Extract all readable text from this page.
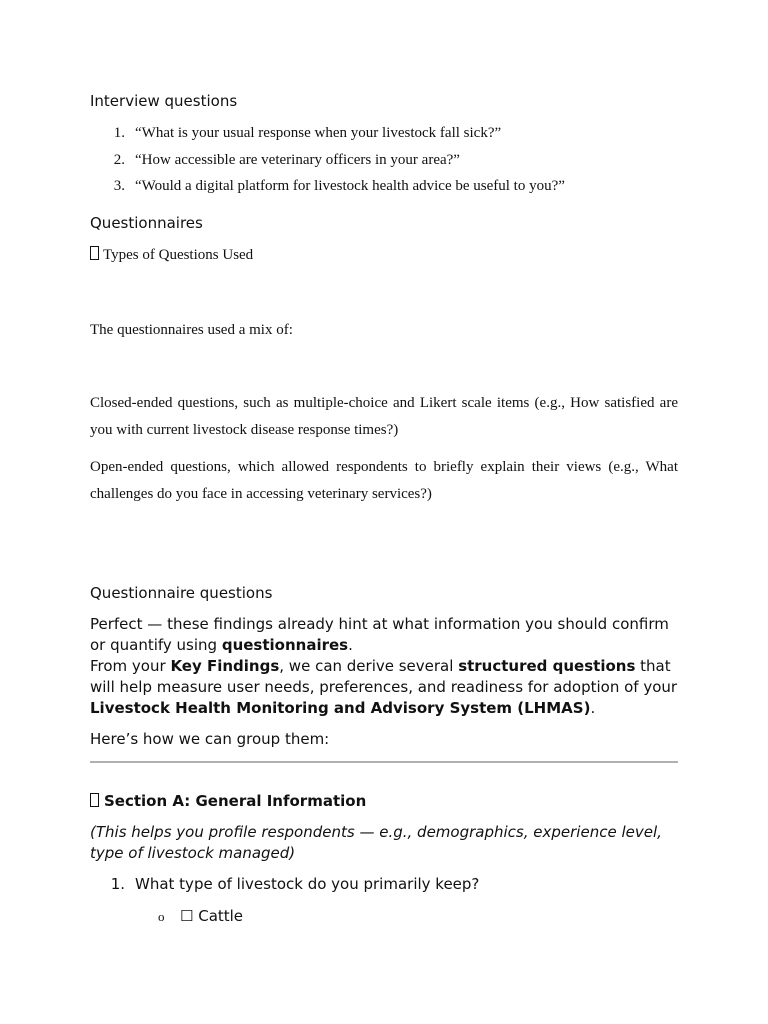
Interview questions

1. “What is your usual response when your livestock fall sick?”
2. “How accessible are veterinary officers in your area?”
3. “Would a digital platform for livestock health advice be useful to you?”

Questionnaires

Types of Questions Used

The questionnaires used a mix of:

Closed-ended questions, such as multiple-choice and Likert scale items (e.g., How satisfied are you with current livestock disease response times?)

Open-ended questions, which allowed respondents to briefly explain their views (e.g., What challenges do you face in accessing veterinary services?)

Questionnaire questions

Perfect — these findings already hint at what information you should confirm or quantify using questionnaires.
From your Key Findings, we can derive several structured questions that will help measure user needs, preferences, and readiness for adoption of your Livestock Health Monitoring and Advisory System (LHMAS).

Here’s how we can group them:

Section A: General Information

(This helps you profile respondents — e.g., demographics, experience level, type of livestock managed)

1. What type of livestock do you primarily keep?

o ☐ Cattle
